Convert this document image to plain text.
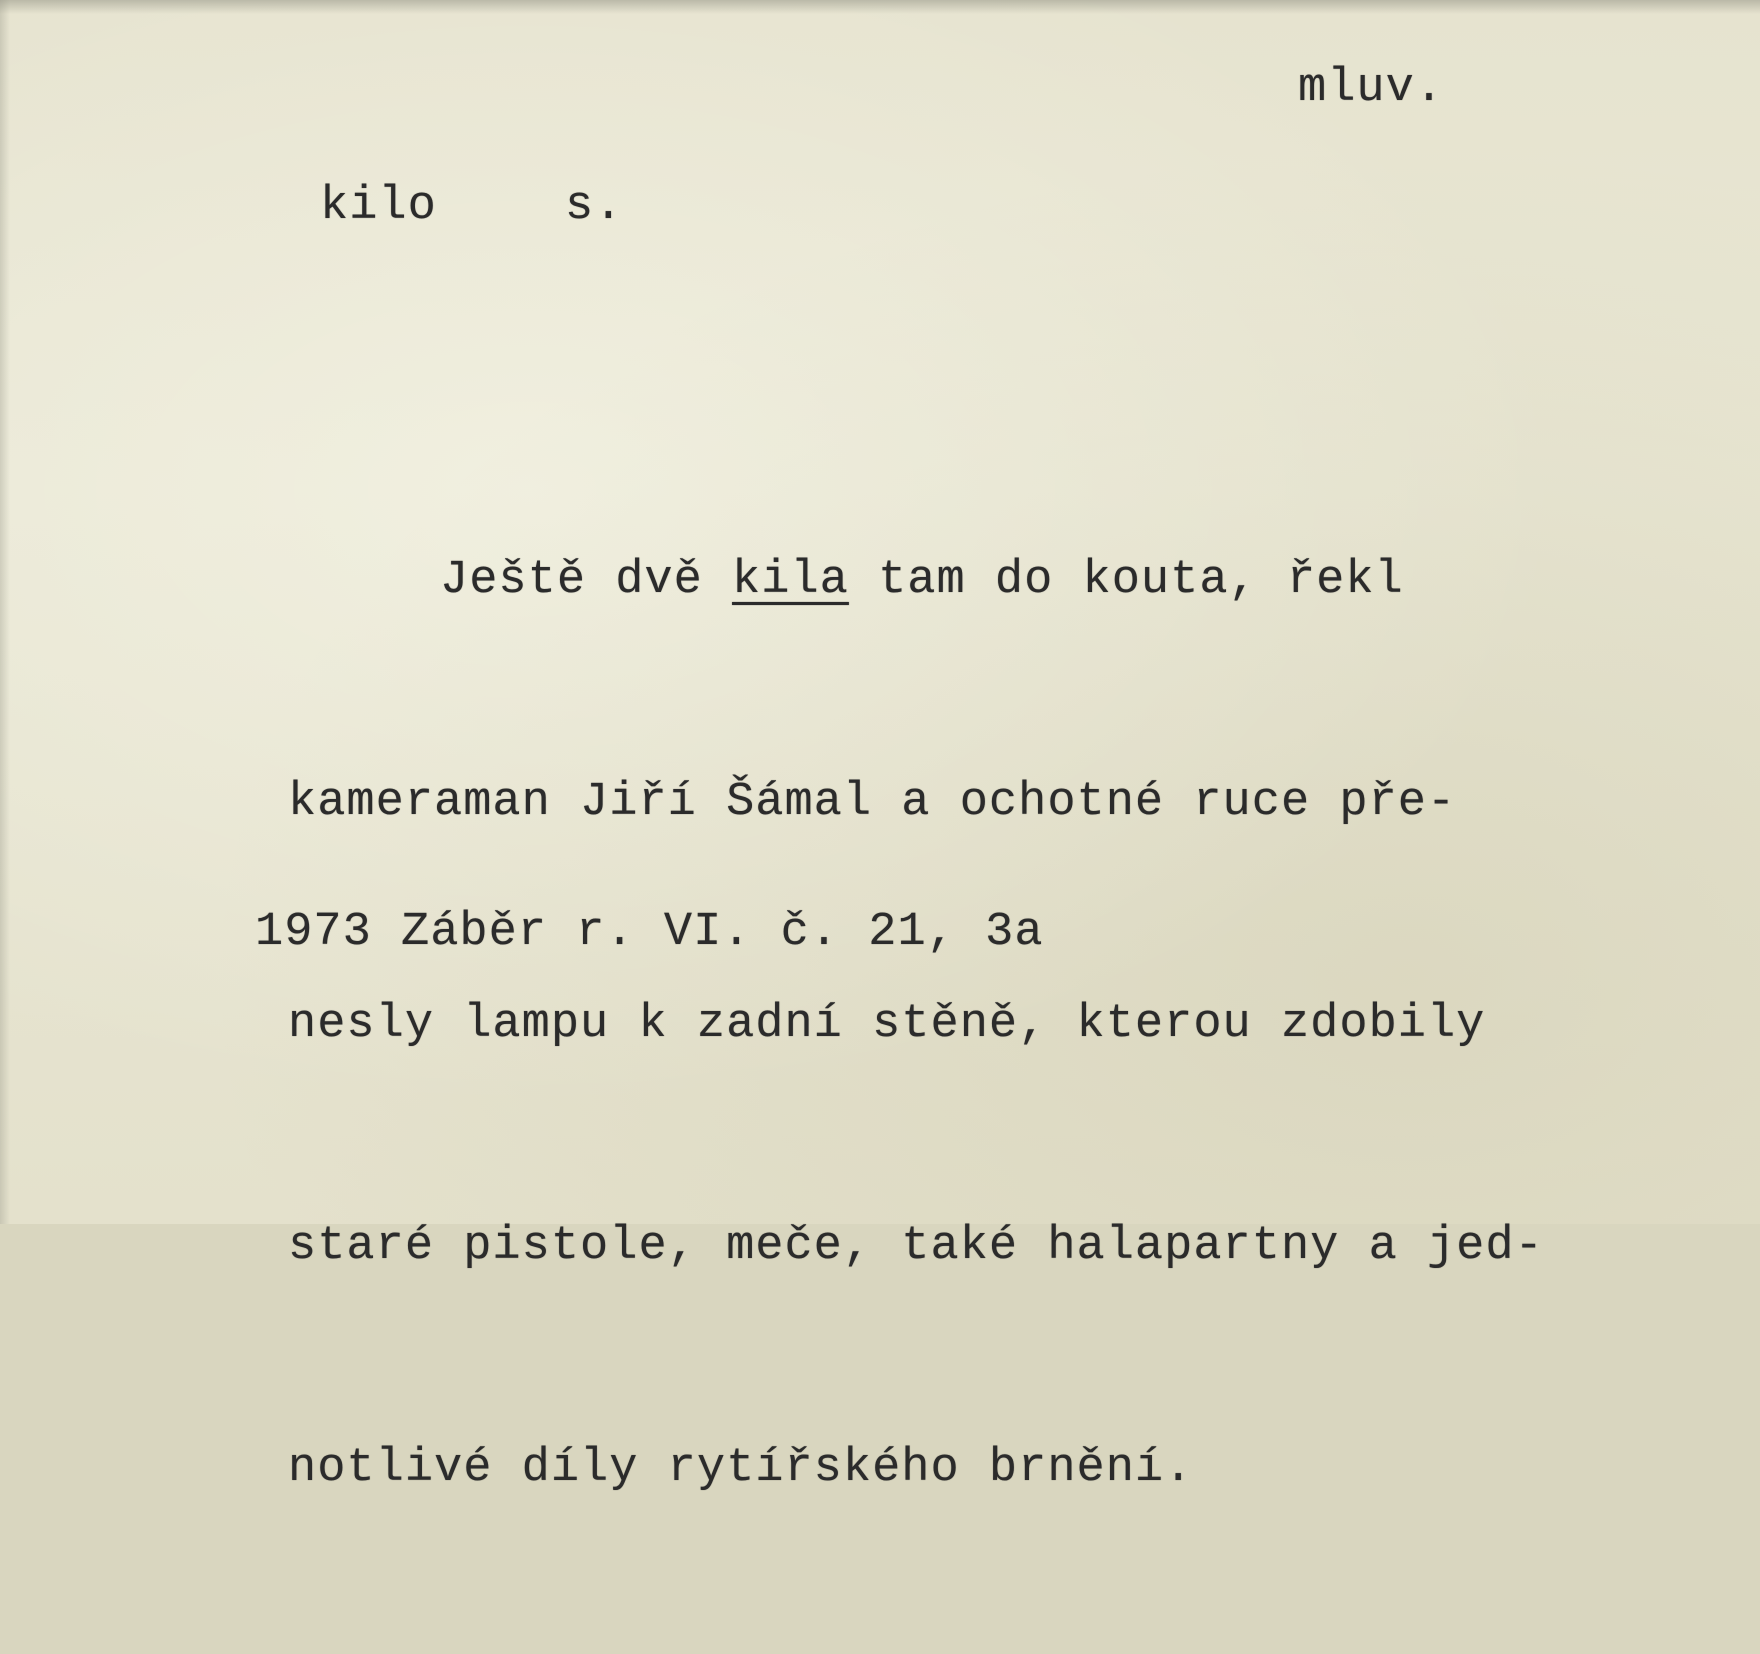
mluv.
kilo	s.

Ještě dvě kila tam do kouta, řekl

kameraman Jiří Šámal a ochotné ruce pře-

nesly lampu k zadní stěně, kterou zdobily

staré pistole, meče, také halapartny a jed-

notlivé díly rytířského brnění.

1973 Záběr r. VI. č. 21, 3a
